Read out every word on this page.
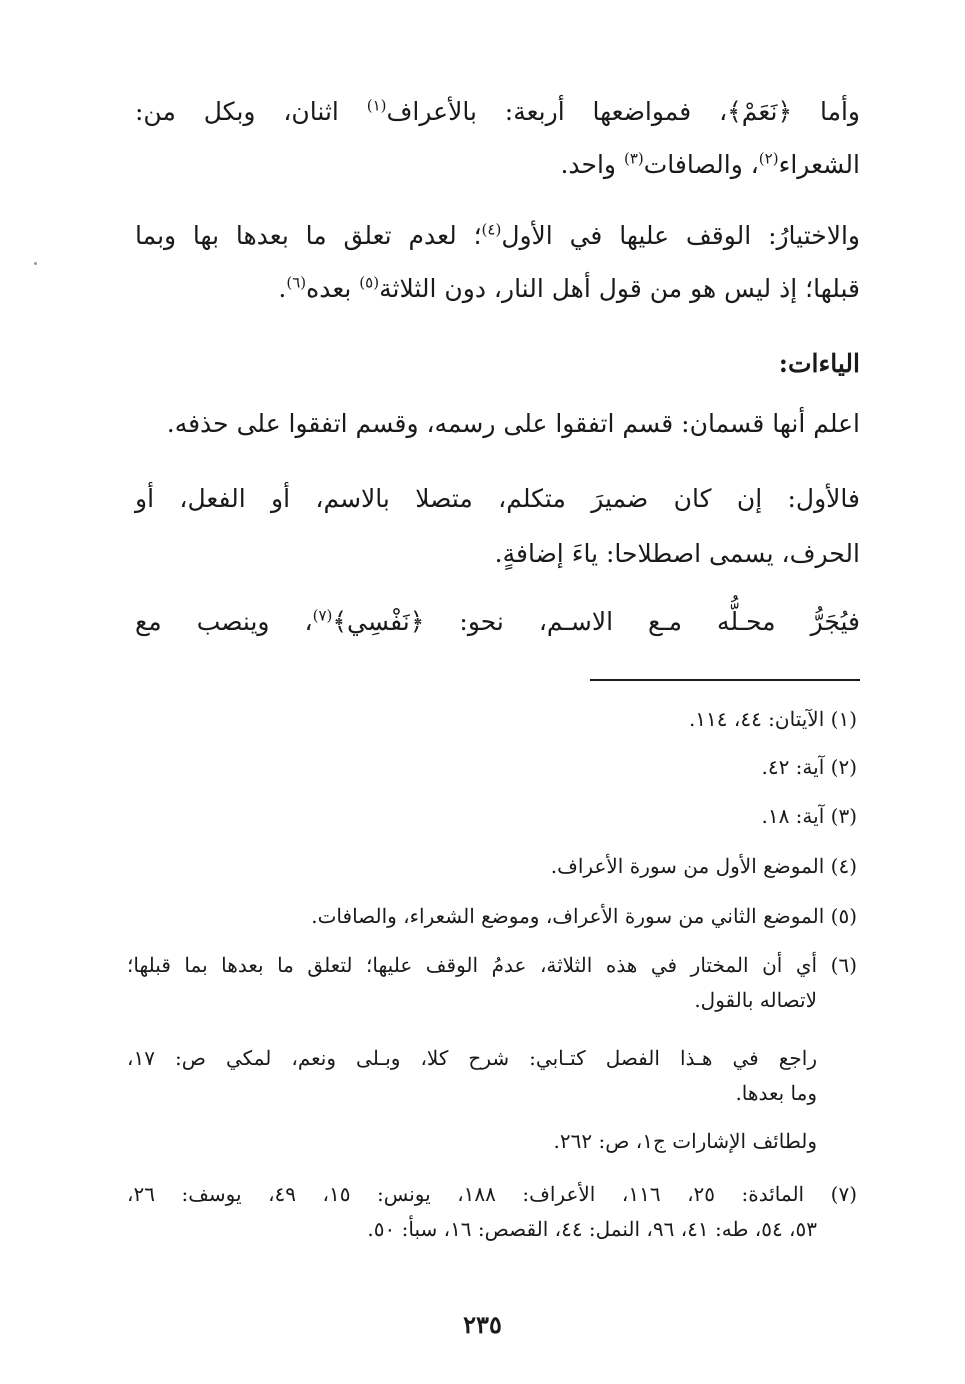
وأما ﴿نَعَمْ﴾، فمواضعها أربعة: بالأعراف$^{(١)}$ اثنان، وبكل من:
الشعراء$^{(٢)}$، والصافات$^{(٣)}$ واحد.
والاختيارُ: الوقف عليها في الأول$^{(٤)}$؛ لعدم تعلق ما بعدها بها وبما
قبلها؛ إذ ليس هو من قول أهل النار، دون الثلاثة$^{(٥)}$ بعده$^{(٦)}$.
الياءات:
اعلم أنها قسمان: قسم اتفقوا على رسمه، وقسم اتفقوا على حذفه.
فالأول: إن كان ضميرَ متكلم، متصلا بالاسم، أو الفعل، أو
الحرف، يسمى اصطلاحا: ياءَ إضافةٍ.
فيُجَرُّ محـلُّه مـع الاسـم، نحو: ﴿نَفْسِي﴾$^{(٧)}$، وينصب مع
(١) الآيتان: ٤٤، ١١٤.
(٢) آية: ٤٢.
(٣) آية: ١٨.
(٤) الموضع الأول من سورة الأعراف.
(٥) الموضع الثاني من سورة الأعراف، وموضع الشعراء، والصافات.
(٦) أي أن المختار في هذه الثلاثة، عدمُ الوقف عليها؛ لتعلق ما بعدها بما قبلها؛
لاتصاله بالقول.
راجع في هـذا الفصل كتـابي: شرح كلا، وبـلى ونعم، لمكي ص: ١٧،
وما بعدها.
ولطائف الإشارات ج١، ص: ٢٦٢.
(٧) المائدة: ٢٥، ١١٦، الأعراف: ١٨٨، يونس: ١٥، ٤٩، يوسف: ٢٦،
٥٣، ٥٤، طه: ٤١، ٩٦، النمل: ٤٤، القصص: ١٦، سبأ: ٥٠.
٢٣٥
